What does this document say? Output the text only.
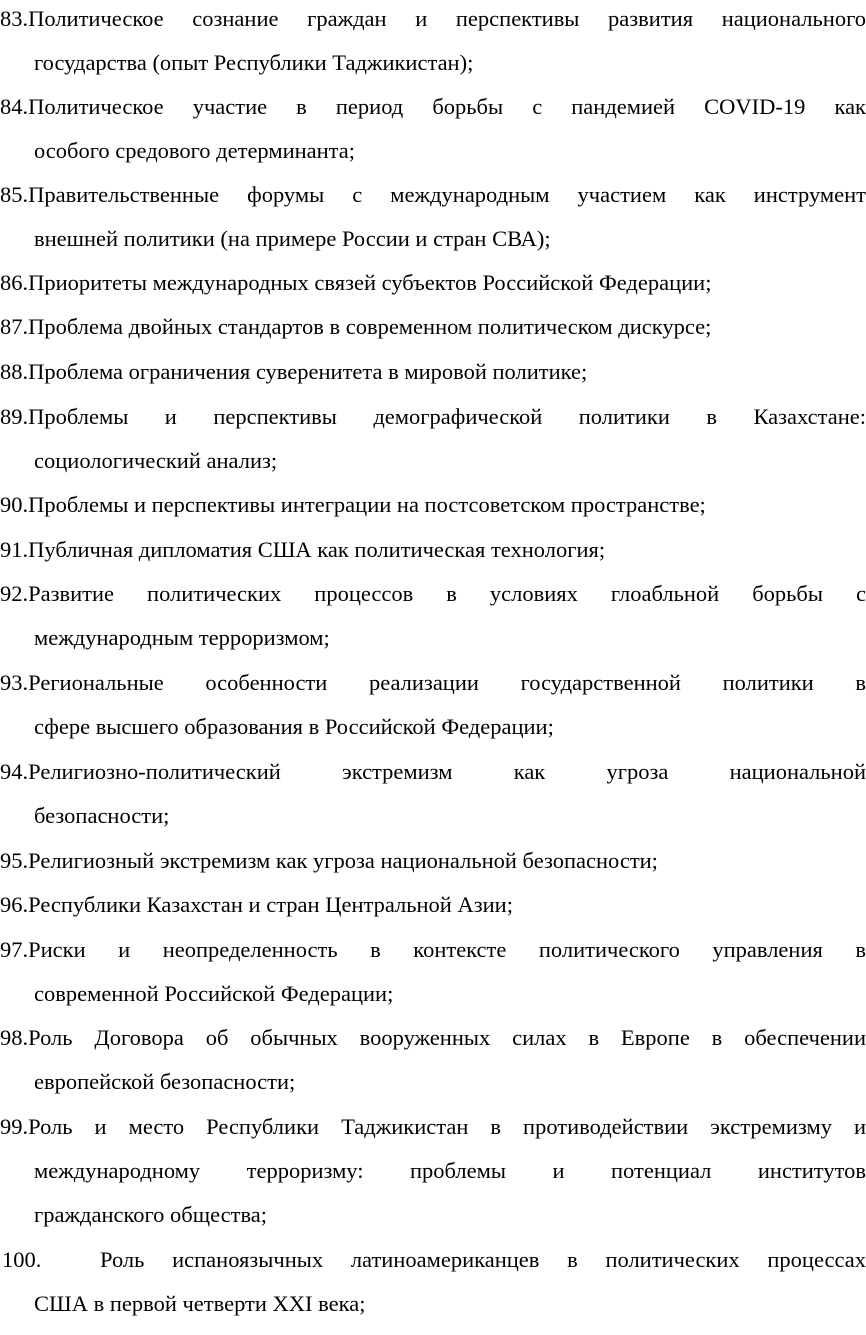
83.Политическое сознание граждан и перспективы развития национального
государства (опыт Республики Таджикистан);
84.Политическое участие в период борьбы с пандемией COVID-19 как
особого средового детерминанта;
85.Правительственные форумы с международным участием как инструмент
внешней политики (на примере России и стран СВА);
86.Приоритеты международных связей субъектов Российской Федерации;
87.Проблема двойных стандартов в современном политическом дискурсе;
88.Проблема ограничения суверенитета в мировой политике;
89.Проблемы и перспективы демографической политики в Казахстане:
социологический анализ;
90.Проблемы и перспективы интеграции на постсоветском пространстве;
91.Публичная дипломатия США как политическая технология;
92.Развитие политических процессов в условиях глоабльной борьбы с
международным терроризмом;
93.Региональные особенности реализации государственной политики в
сфере высшего образования в Российской Федерации;
94.Религиозно-политический экстремизм как угроза национальной
безопасности;
95.Религиозный экстремизм как угроза национальной безопасности;
96.Республики Казахстан и стран Центральной Азии;
97.Риски и неопределенность в контексте политического управления в
современной Российской Федерации;
98.Роль Договора об обычных вооруженных силах в Европе в обеспечении
европейской безопасности;
99.Роль и место Республики Таджикистан в противодействии экстремизму и
международному терроризму: проблемы и потенциал институтов
гражданского общества;
100.	Роль испаноязычных латиноамериканцев в политических процессах
США в первой четверти XXI века;
